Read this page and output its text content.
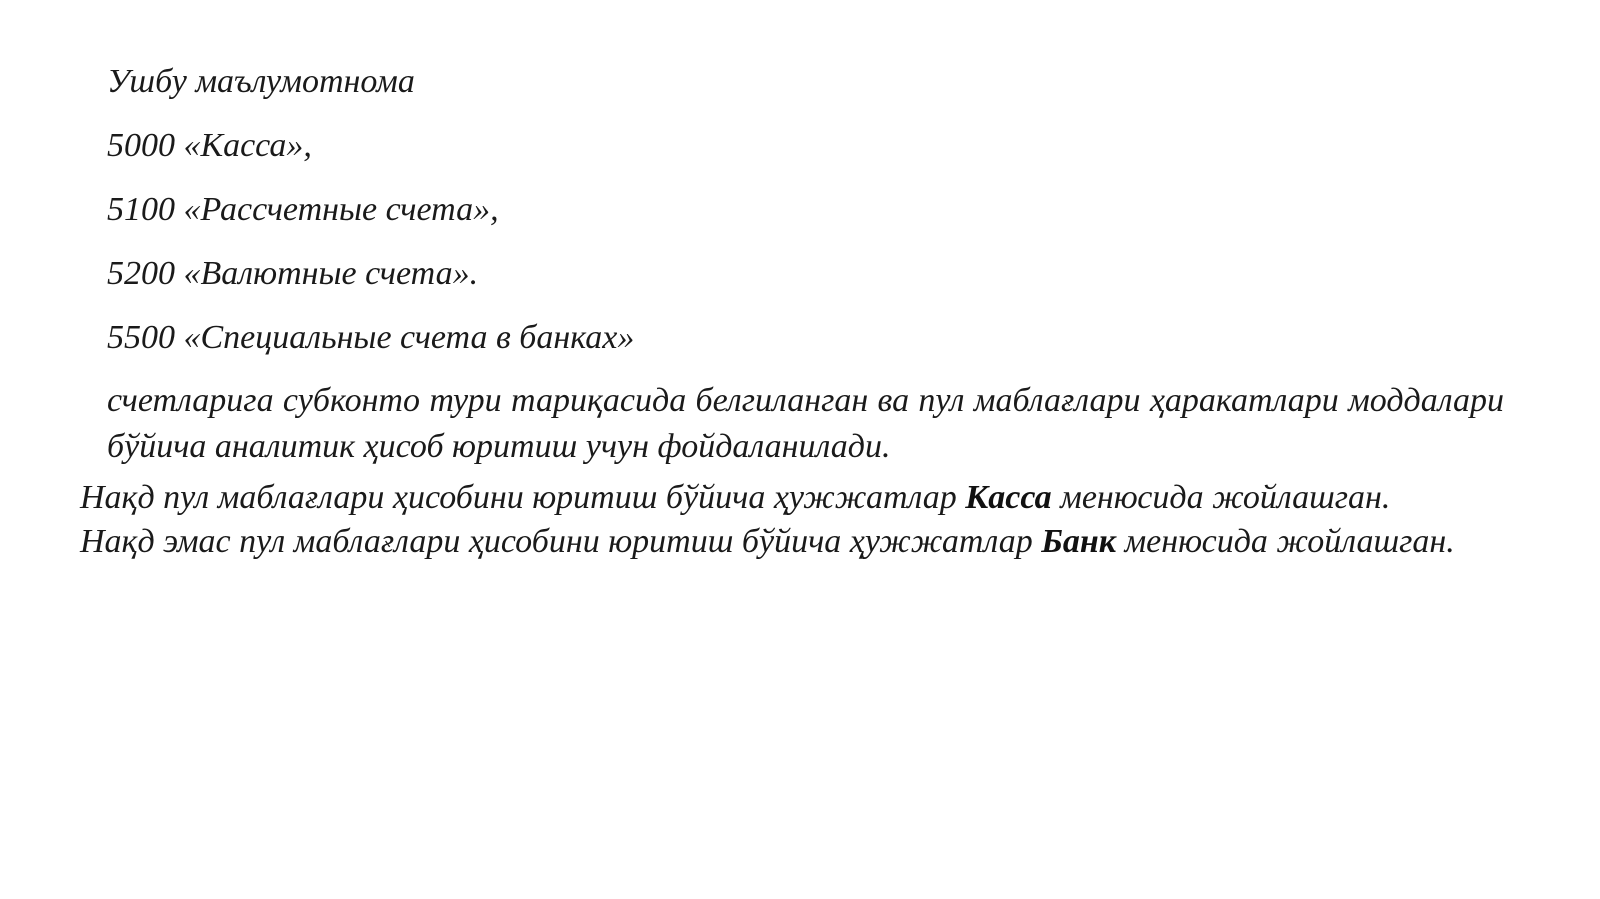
Ушбу маълумотнома
5000 «Касса»,
5100 «Рассчетные счета»,
5200 «Валютные счета».
5500 «Специальные счета в банках»

счетларига субконто тури тариқасида белгиланган ва пул маблағлари ҳаракатлари моддалари бўйича аналитик ҳисоб юритиш учун фойдаланилади.

Нақд пул маблағлари ҳисобини юритиш бўйича ҳужжатлар Касса менюсида жойлашган.

Нақд эмас пул маблағлари ҳисобини юритиш бўйича ҳужжатлар Банк менюсида жойлашган.
